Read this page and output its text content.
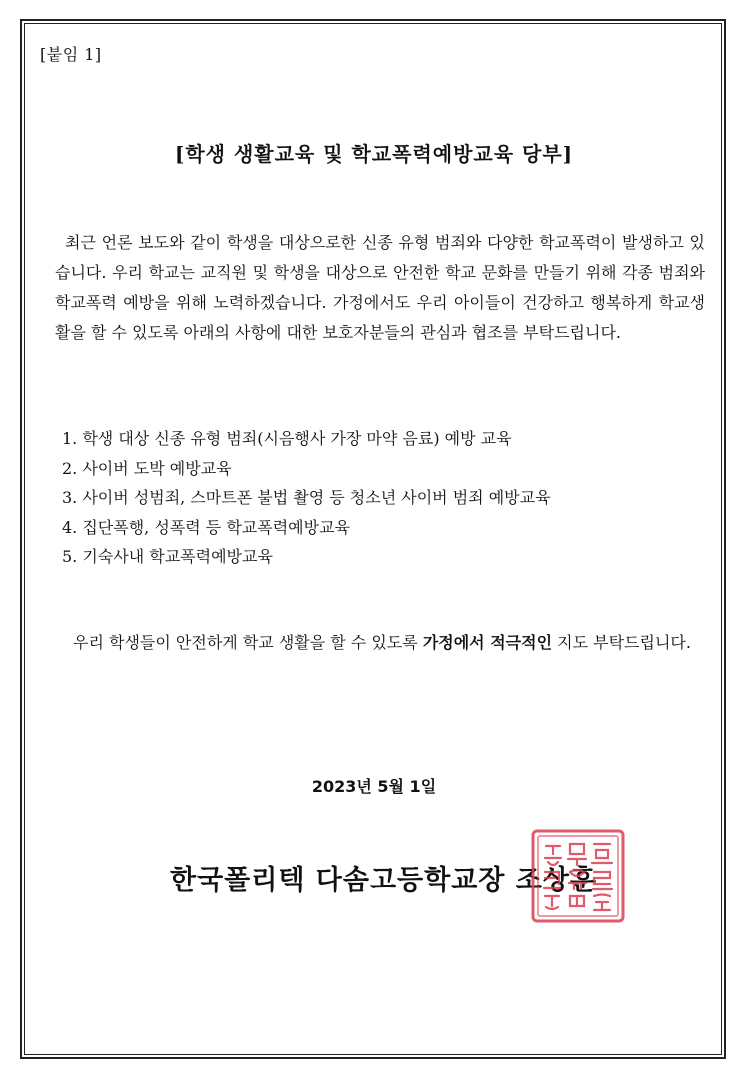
[붙임 1]
[학생 생활교육 및 학교폭력예방교육 당부]

최근 언론 보도와 같이 학생을 대상으로한 신종 유형 범죄와 다양한 학교폭력이 발생하고 있습니다. 우리 학교는 교직원 및 학생을 대상으로 안전한 학교 문화를 만들기 위해 각종 범죄와 학교폭력 예방을 위해 노력하겠습니다. 가정에서도 우리 아이들이 건강하고 행복하게 학교생활을 할 수 있도록 아래의 사항에 대한 보호자분들의 관심과 협조를 부탁드립니다.

1. 학생 대상 신종 유형 범죄(시음행사 가장 마약 음료) 예방 교육
2. 사이버 도박 예방교육
3. 사이버 성범죄, 스마트폰 불법 촬영 등 청소년 사이버 범죄 예방교육
4. 집단폭행, 성폭력 등 학교폭력예방교육
5. 기숙사내 학교폭력예방교육

우리 학생들이 안전하게 학교 생활을 할 수 있도록 가정에서 적극적인 지도 부탁드립니다.

2023년 5월 1일
한국폴리텍 다솜고등학교장 조상훈
